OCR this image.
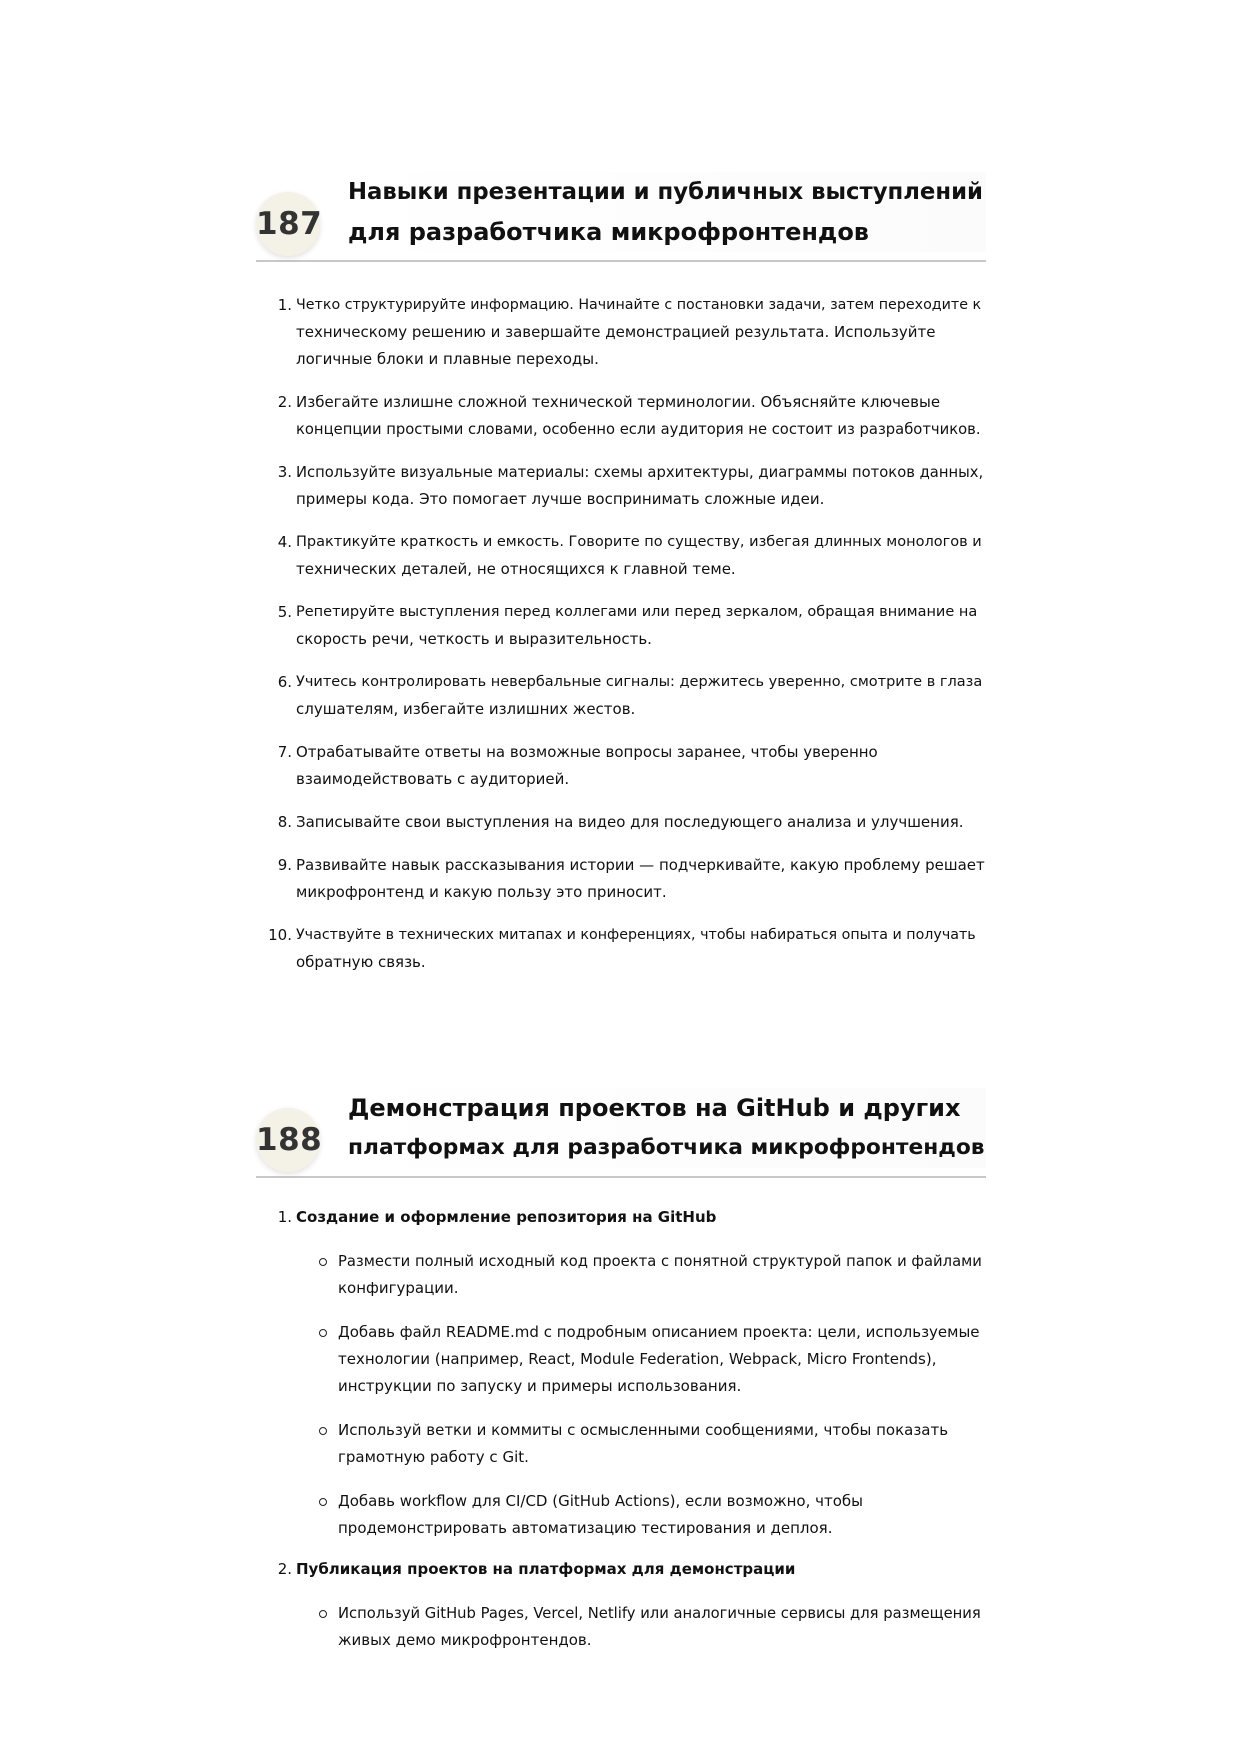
187
Навыки презентации и публичных выступлений
для разработчика микрофронтендов
1. Четко структурируйте информацию. Начинайте с постановки задачи, затем переходите к
техническому решению и завершайте демонстрацией результата. Используйте
логичные блоки и плавные переходы.
2. Избегайте излишне сложной технической терминологии. Объясняйте ключевые
концепции простыми словами, особенно если аудитория не состоит из разработчиков.
3. Используйте визуальные материалы: схемы архитектуры, диаграммы потоков данных,
примеры кода. Это помогает лучше воспринимать сложные идеи.
4. Практикуйте краткость и емкость. Говорите по существу, избегая длинных монологов и
технических деталей, не относящихся к главной теме.
5. Репетируйте выступления перед коллегами или перед зеркалом, обращая внимание на
скорость речи, четкость и выразительность.
6. Учитесь контролировать невербальные сигналы: держитесь уверенно, смотрите в глаза
слушателям, избегайте излишних жестов.
7. Отрабатывайте ответы на возможные вопросы заранее, чтобы уверенно
взаимодействовать с аудиторией.
8. Записывайте свои выступления на видео для последующего анализа и улучшения.
9. Развивайте навык рассказывания истории — подчеркивайте, какую проблему решает
микрофронтенд и какую пользу это приносит.
10. Участвуйте в технических митапах и конференциях, чтобы набираться опыта и получать
обратную связь.
188
Демонстрация проектов на GitHub и других
платформах для разработчика микрофронтендов
1. Создание и оформление репозитория на GitHub
Размести полный исходный код проекта с понятной структурой папок и файлами
конфигурации.
Добавь файл README.md с подробным описанием проекта: цели, используемые
технологии (например, React, Module Federation, Webpack, Micro Frontends),
инструкции по запуску и примеры использования.
Используй ветки и коммиты с осмысленными сообщениями, чтобы показать
грамотную работу с Git.
Добавь workflow для CI/CD (GitHub Actions), если возможно, чтобы
продемонстрировать автоматизацию тестирования и деплоя.
2. Публикация проектов на платформах для демонстрации
Используй GitHub Pages, Vercel, Netlify или аналогичные сервисы для размещения
живых демо микрофронтендов.
